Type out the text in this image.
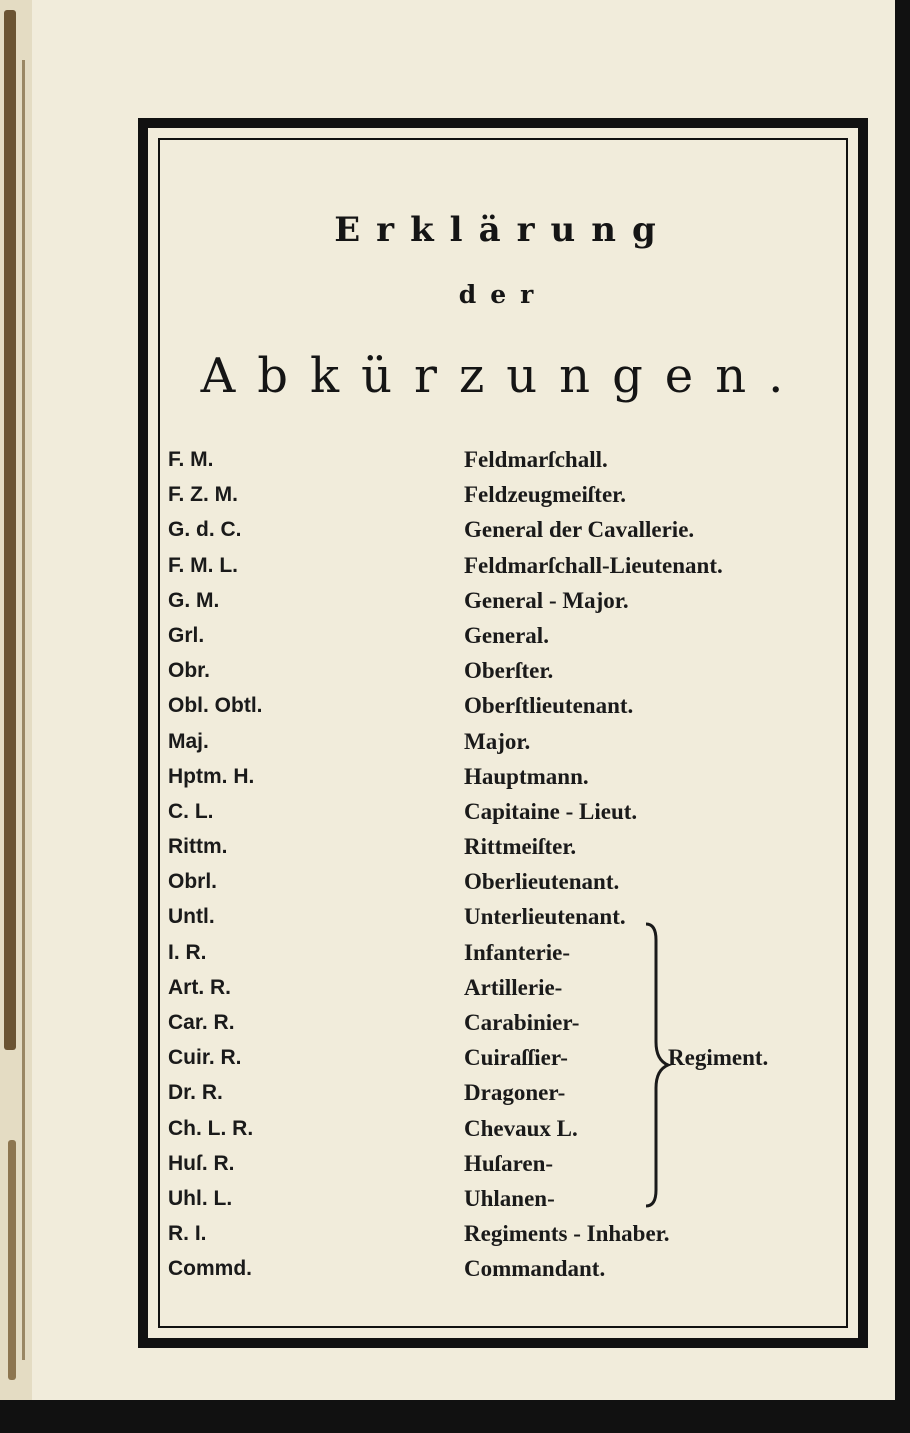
Erklärung
der
Abkürzungen.
F. M.	Feldmarſchall.
F. Z. M.	Feldzeugmeiſter.
G. d. C.	General der Cavallerie.
F. M. L.	Feldmarſchall-Lieutenant.
G. M.	General - Major.
Grl.	General.
Obr.	Oberſter.
Obl. Obtl.	Oberſtlieutenant.
Maj.	Major.
Hptm. H.	Hauptmann.
C. L.	Capitaine - Lieut.
Rittm.	Rittmeiſter.
Obrl.	Oberlieutenant.
Untl.	Unterlieutenant.
I. R.	Infanterie-
Art. R.	Artillerie-
Car. R.	Carabinier-
Cuir. R.	Cuiraſſier-
Dr. R.	Dragoner-
Ch. L. R.	Chevaux L.
Huſ. R.	Huſaren-
Uhl. L.	Uhlanen-
R. I.	Regiments - Inhaber.
Commd.	Commandant.
Regiment.
